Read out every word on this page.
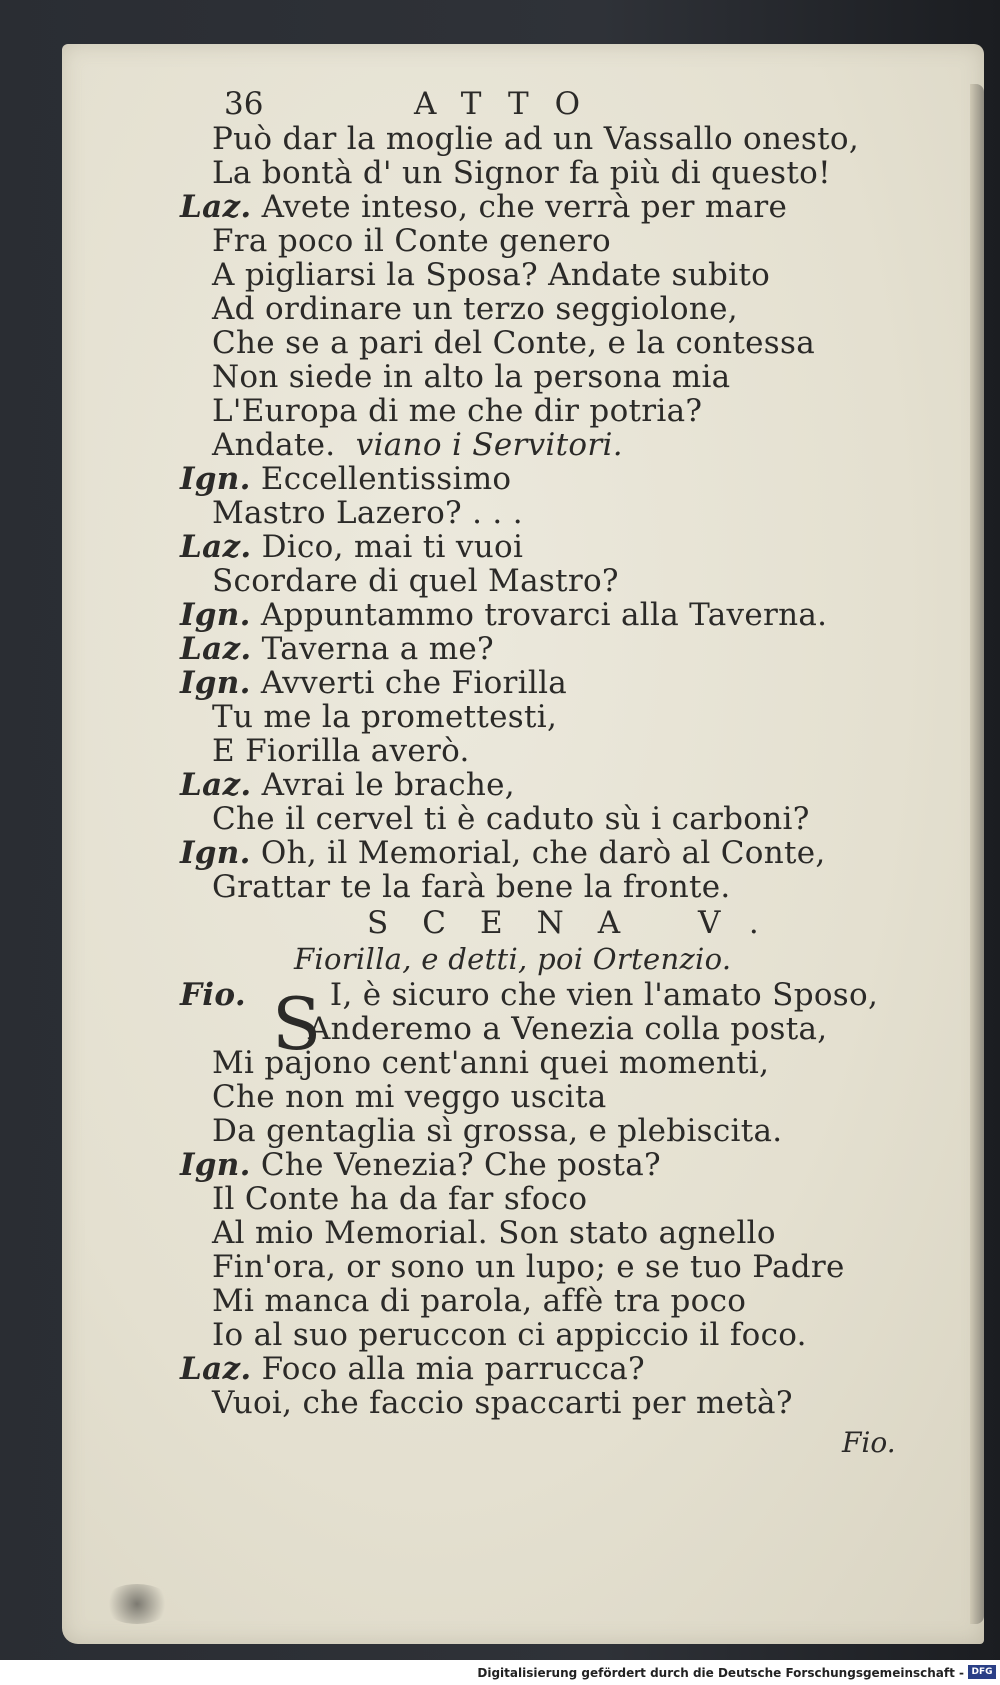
36	ATTO
Può dar la moglie ad un Vassallo onesto,
La bontà d' un Signor fa più di questo!
Laz. Avete inteso, che verrà per mare
Fra poco il Conte genero
A pigliarsi la Sposa? Andate subito
Ad ordinare un terzo seggiolone,
Che se a pari del Conte, e la contessa
Non siede in alto la persona mia
L'Europa di me che dir potria?
Andate. viano i Servitori.
Ign. Eccellentissimo
Mastro Lazero? . . .
Laz. Dico, mai ti vuoi
Scordare di quel Mastro?
Ign. Appuntammo trovarci alla Taverna.
Laz. Taverna a me?
Ign. Avverti che Fiorilla
Tu me la promettesti,
E Fiorilla averò.
Laz. Avrai le brache,
Che il cervel ti è caduto sù i carboni?
Ign. Oh, il Memorial, che darò al Conte,
Grattar te la farà bene la fronte.
SCENA V.
Fiorilla, e detti, poi Ortenzio.
S
Fio.	I, è sicuro che vien l'amato Sposo,
Anderemo a Venezia colla posta,
Mi pajono cent'anni quei momenti,
Che non mi veggo uscita
Da gentaglia sì grossa, e plebiscita.
Ign. Che Venezia? Che posta?
Il Conte ha da far sfoco
Al mio Memorial. Son stato agnello
Fin'ora, or sono un lupo; e se tuo Padre
Mi manca di parola, affè tra poco
Io al suo peruccon ci appiccio il foco.
Laz. Foco alla mia parrucca?
Vuoi, che faccio spaccarti per metà?
Fio.
Digitalisierung gefördert durch die Deutsche Forschungsgemeinschaft - DFG
